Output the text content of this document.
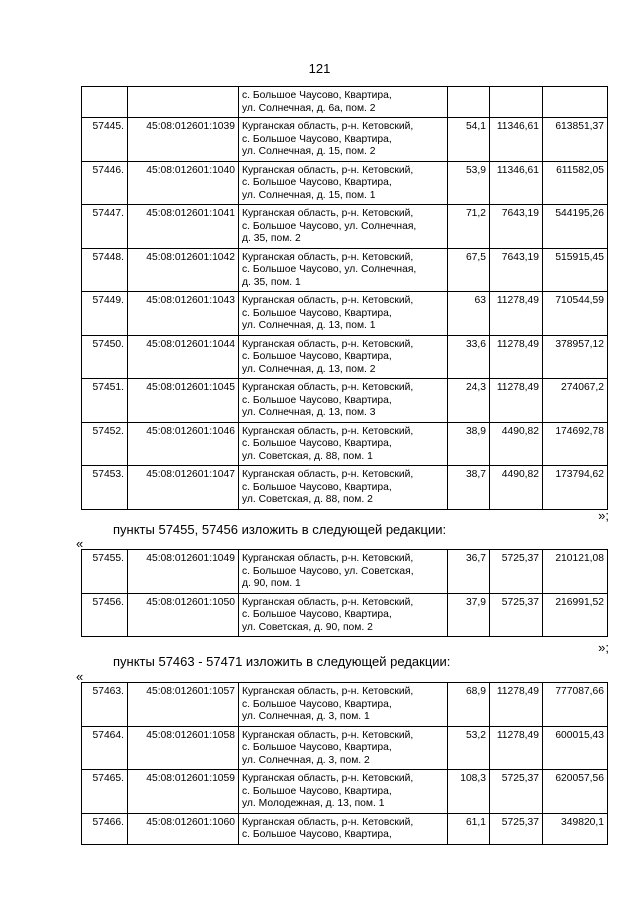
121

		с. Большое Чаусово, Квартира,
ул. Солнечная, д. 6а, пом. 2			

57445.	45:08:012601:1039	Курганская область, р-н. Кетовский,
с. Большое Чаусово, Квартира,
ул. Солнечная, д. 15, пом. 2	54,1	11346,61	613851,37
57446.	45:08:012601:1040	Курганская область, р-н. Кетовский,
с. Большое Чаусово, Квартира,
ул. Солнечная, д. 15, пом. 1	53,9	11346,61	611582,05
57447.	45:08:012601:1041	Курганская область, р-н. Кетовский,
с. Большое Чаусово, ул. Солнечная,
д. 35, пом. 2	71,2	7643,19	544195,26
57448.	45:08:012601:1042	Курганская область, р-н. Кетовский,
с. Большое Чаусово, ул. Солнечная,
д. 35, пом. 1	67,5	7643,19	515915,45
57449.	45:08:012601:1043	Курганская область, р-н. Кетовский,
с. Большое Чаусово, Квартира,
ул. Солнечная, д. 13, пом. 1	63	11278,49	710544,59
57450.	45:08:012601:1044	Курганская область, р-н. Кетовский,
с. Большое Чаусово, Квартира,
ул. Солнечная, д. 13, пом. 2	33,6	11278,49	378957,12
57451.	45:08:012601:1045	Курганская область, р-н. Кетовский,
с. Большое Чаусово, Квартира,
ул. Солнечная, д. 13, пом. 3	24,3	11278,49	274067,2
57452.	45:08:012601:1046	Курганская область, р-н. Кетовский,
с. Большое Чаусово, Квартира,
ул. Советская, д. 88, пом. 1	38,9	4490,82	174692,78
57453.	45:08:012601:1047	Курганская область, р-н. Кетовский,
с. Большое Чаусово, Квартира,
ул. Советская, д. 88, пом. 2	38,7	4490,82	173794,62
»;
пункты 57455, 57456 изложить в следующей редакции:
«
57455.	45:08:012601:1049	Курганская область, р-н. Кетовский,
с. Большое Чаусово, ул. Советская,
д. 90, пом. 1	36,7	5725,37	210121,08
57456.	45:08:012601:1050	Курганская область, р-н. Кетовский,
с. Большое Чаусово, Квартира,
ул. Советская, д. 90, пом. 2	37,9	5725,37	216991,52
»;
пункты 57463 - 57471 изложить в следующей редакции:
«
57463.	45:08:012601:1057	Курганская область, р-н. Кетовский,
с. Большое Чаусово, Квартира,
ул. Солнечная, д. 3, пом. 1	68,9	11278,49	777087,66
57464.	45:08:012601:1058	Курганская область, р-н. Кетовский,
с. Большое Чаусово, Квартира,
ул. Солнечная, д. 3, пом. 2	53,2	11278,49	600015,43
57465.	45:08:012601:1059	Курганская область, р-н. Кетовский,
с. Большое Чаусово, Квартира,
ул. Молодежная, д. 13, пом. 1	108,3	5725,37	620057,56
57466.	45:08:012601:1060	Курганская область, р-н. Кетовский,
с. Большое Чаусово, Квартира,	61,1	5725,37	349820,1
